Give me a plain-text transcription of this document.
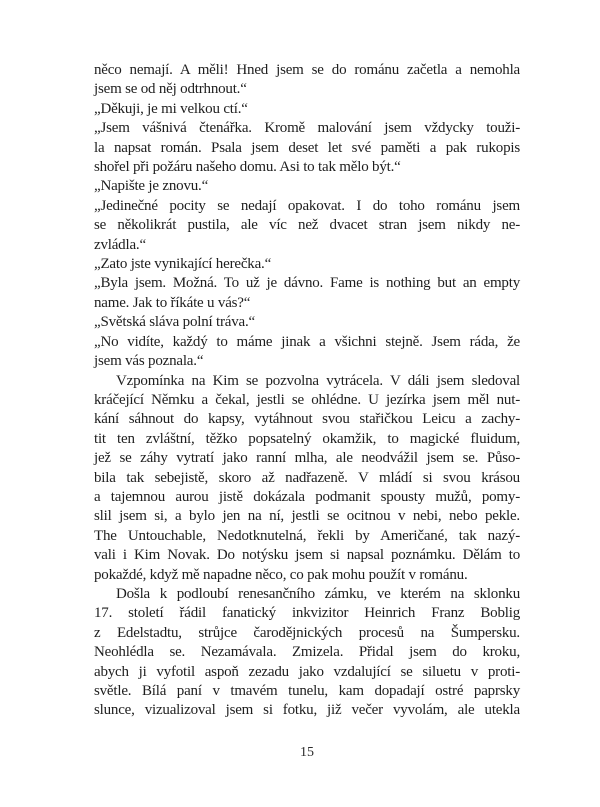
něco nemají. A měli! Hned jsem se do románu začetla a nemohla
jsem se od něj odtrhnout.“
„Děkuji, je mi velkou ctí.“
„Jsem vášnivá čtenářka. Kromě malování jsem vždycky touži-
la napsat román. Psala jsem deset let své paměti a pak rukopis
shořel při požáru našeho domu. Asi to tak mělo být.“
„Napište je znovu.“
„Jedinečné pocity se nedají opakovat. I do toho románu jsem
se několikrát pustila, ale víc než dvacet stran jsem nikdy ne-
zvládla.“
„Zato jste vynikající herečka.“
„Byla jsem. Možná. To už je dávno. Fame is nothing but an empty
name. Jak to říkáte u vás?“
„Světská sláva polní tráva.“
„No vidíte, každý to máme jinak a všichni stejně. Jsem ráda, že
jsem vás poznala.“
Vzpomínka na Kim se pozvolna vytrácela. V dáli jsem sledoval
kráčející Němku a čekal, jestli se ohlédne. U jezírka jsem měl nut-
kání sáhnout do kapsy, vytáhnout svou stařičkou Leicu a zachy-
tit ten zvláštní, těžko popsatelný okamžik, to magické fluidum,
jež se záhy vytratí jako ranní mlha, ale neodvážil jsem se. Půso-
bila tak sebejistě, skoro až nadřazeně. V mládí si svou krásou
a tajemnou aurou jistě dokázala podmanit spousty mužů, pomy-
slil jsem si, a bylo jen na ní, jestli se ocitnou v nebi, nebo pekle.
The Untouchable, Nedotknutelná, řekli by Američané, tak nazý-
vali i Kim Novak. Do notýsku jsem si napsal poznámku. Dělám to
pokaždé, když mě napadne něco, co pak mohu použít v románu.
Došla k podloubí renesančního zámku, ve kterém na sklonku
17. století řádil fanatický inkvizitor Heinrich Franz Boblig
z Edelstadtu, strůjce čarodějnických procesů na Šumpersku.
Neohlédla se. Nezamávala. Zmizela. Přidal jsem do kroku,
abych ji vyfotil aspoň zezadu jako vzdalující se siluetu v proti-
světle. Bílá paní v tmavém tunelu, kam dopadají ostré paprsky
slunce, vizualizoval jsem si fotku, již večer vyvolám, ale utekla
15
